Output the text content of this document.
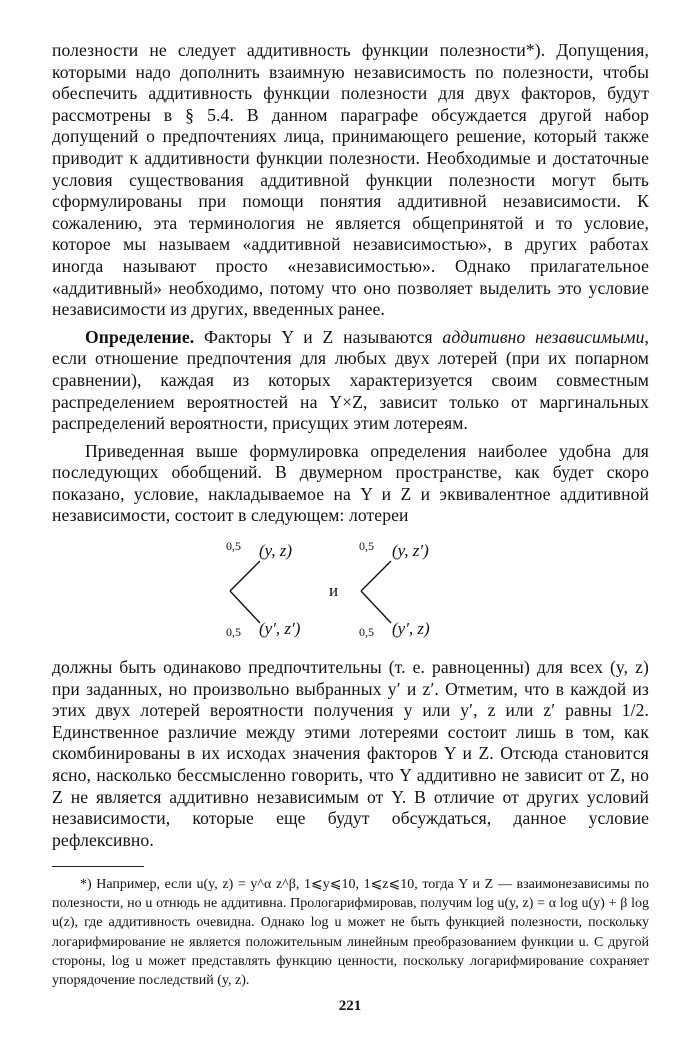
полезности не следует аддитивность функции полезности*). Допущения, которыми надо дополнить взаимную независимость по полезности, чтобы обеспечить аддитивность функции полезности для двух факторов, будут рассмотрены в § 5.4. В данном параграфе обсуждается другой набор допущений о предпочтениях лица, принимающего решение, который также приводит к аддитивности функции полезности. Необходимые и достаточные условия существования аддитивной функции полезности могут быть сформулированы при помощи понятия аддитивной независимости. К сожалению, эта терминология не является общепринятой и то условие, которое мы называем «аддитивной независимостью», в других работах иногда называют просто «независимостью». Однако прилагательное «аддитивный» необходимо, потому что оно позволяет выделить это условие независимости из других, введенных ранее.

Определение. Факторы Y и Z называются аддитивно независимыми, если отношение предпочтения для любых двух лотерей (при их попарном сравнении), каждая из которых характеризуется своим совместным распределением вероятностей на Y×Z, зависит только от маргинальных распределений вероятности, присущих этим лотереям.

Приведенная выше формулировка определения наиболее удобна для последующих обобщений. В двумерном пространстве, как будет скоро показано, условие, накладываемое на Y и Z и эквивалентное аддитивной независимости, состоит в следующем: лотереи

0,5 (y, z)
0,5 (y′, z′)
и
0,5 (y, z′)
0,5 (y′, z)

должны быть одинаково предпочтительны (т. е. равноценны) для всех (y, z) при заданных, но произвольно выбранных y′ и z′. Отметим, что в каждой из этих двух лотерей вероятности получения y или y′, z или z′ равны 1/2. Единственное различие между этими лотереями состоит лишь в том, как скомбинированы в их исходах значения факторов Y и Z. Отсюда становится ясно, насколько бессмысленно говорить, что Y аддитивно не зависит от Z, но Z не является аддитивно независимым от Y. В отличие от других условий независимости, которые еще будут обсуждаться, данное условие рефлексивно.

*) Например, если u(y, z) = y^α z^β, 1⩽y⩽10, 1⩽z⩽10, тогда Y и Z — взаимонезависимы по полезности, но u отнюдь не аддитивна. Прологарифмировав, получим log u(y, z) = α log u(y) + β log u(z), где аддитивность очевидна. Однако log u может не быть функцией полезности, поскольку логарифмирование не является положительным линейным преобразованием функции u. С другой стороны, log u может представлять функцию ценности, поскольку логарифмирование сохраняет упорядочение последствий (y, z).
221
